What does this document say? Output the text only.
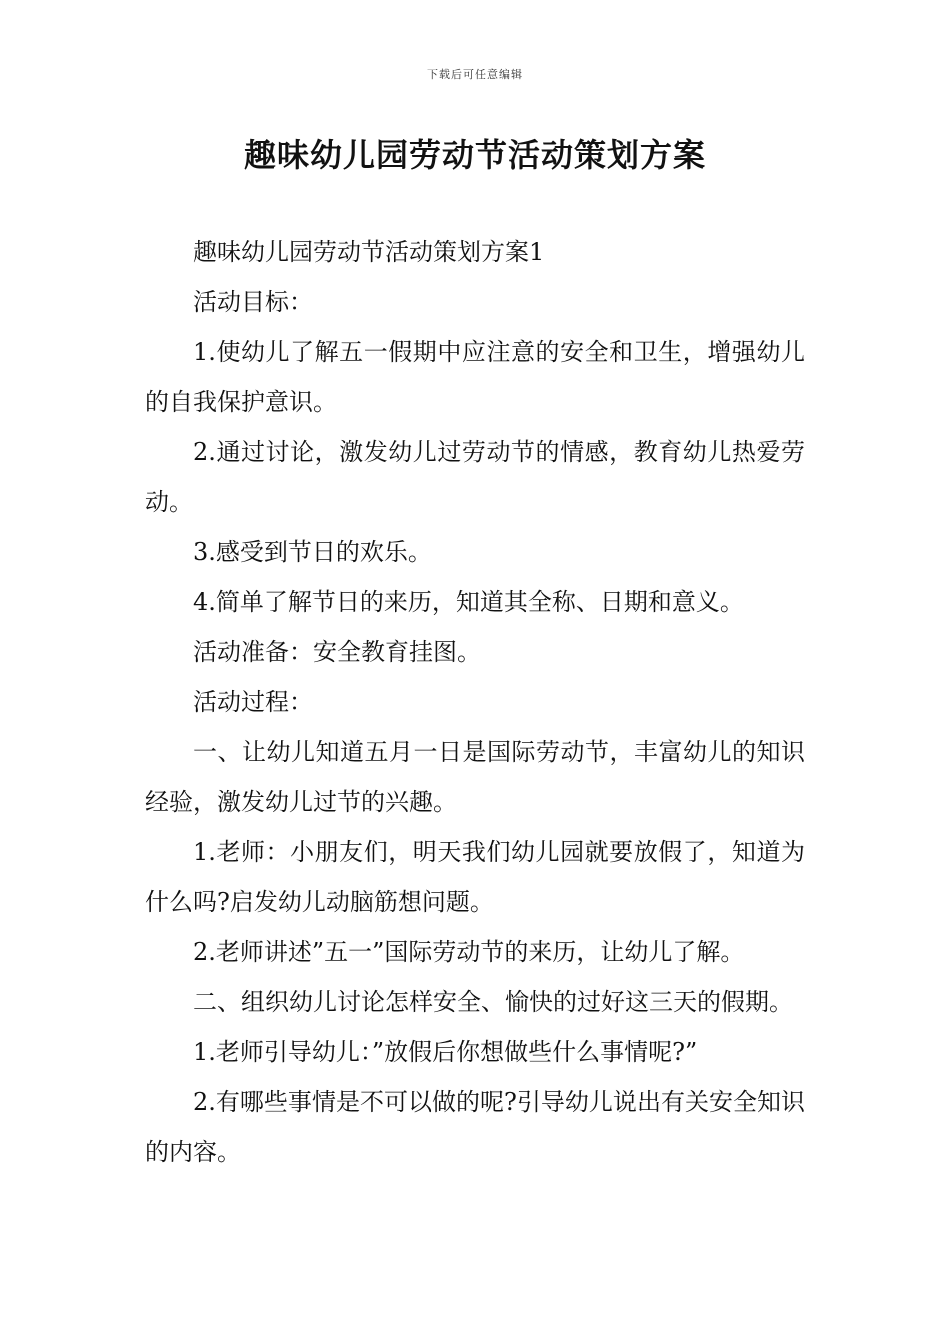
下载后可任意编辑
趣味幼儿园劳动节活动策划方案

趣味幼儿园劳动节活动策划方案1

活动目标：

1.使幼儿了解五一假期中应注意的安全和卫生，增强幼儿的自我保护意识。

2.通过讨论，激发幼儿过劳动节的情感，教育幼儿热爱劳动。

3.感受到节日的欢乐。

4.简单了解节日的来历，知道其全称、日期和意义。

活动准备：安全教育挂图。

活动过程：

一、让幼儿知道五月一日是国际劳动节，丰富幼儿的知识经验，激发幼儿过节的兴趣。

1.老师：小朋友们，明天我们幼儿园就要放假了，知道为什么吗?启发幼儿动脑筋想问题。

2.老师讲述”五一”国际劳动节的来历，让幼儿了解。

二、组织幼儿讨论怎样安全、愉快的过好这三天的假期。

1.老师引导幼儿：”放假后你想做些什么事情呢?”

2.有哪些事情是不可以做的呢?引导幼儿说出有关安全知识的内容。
